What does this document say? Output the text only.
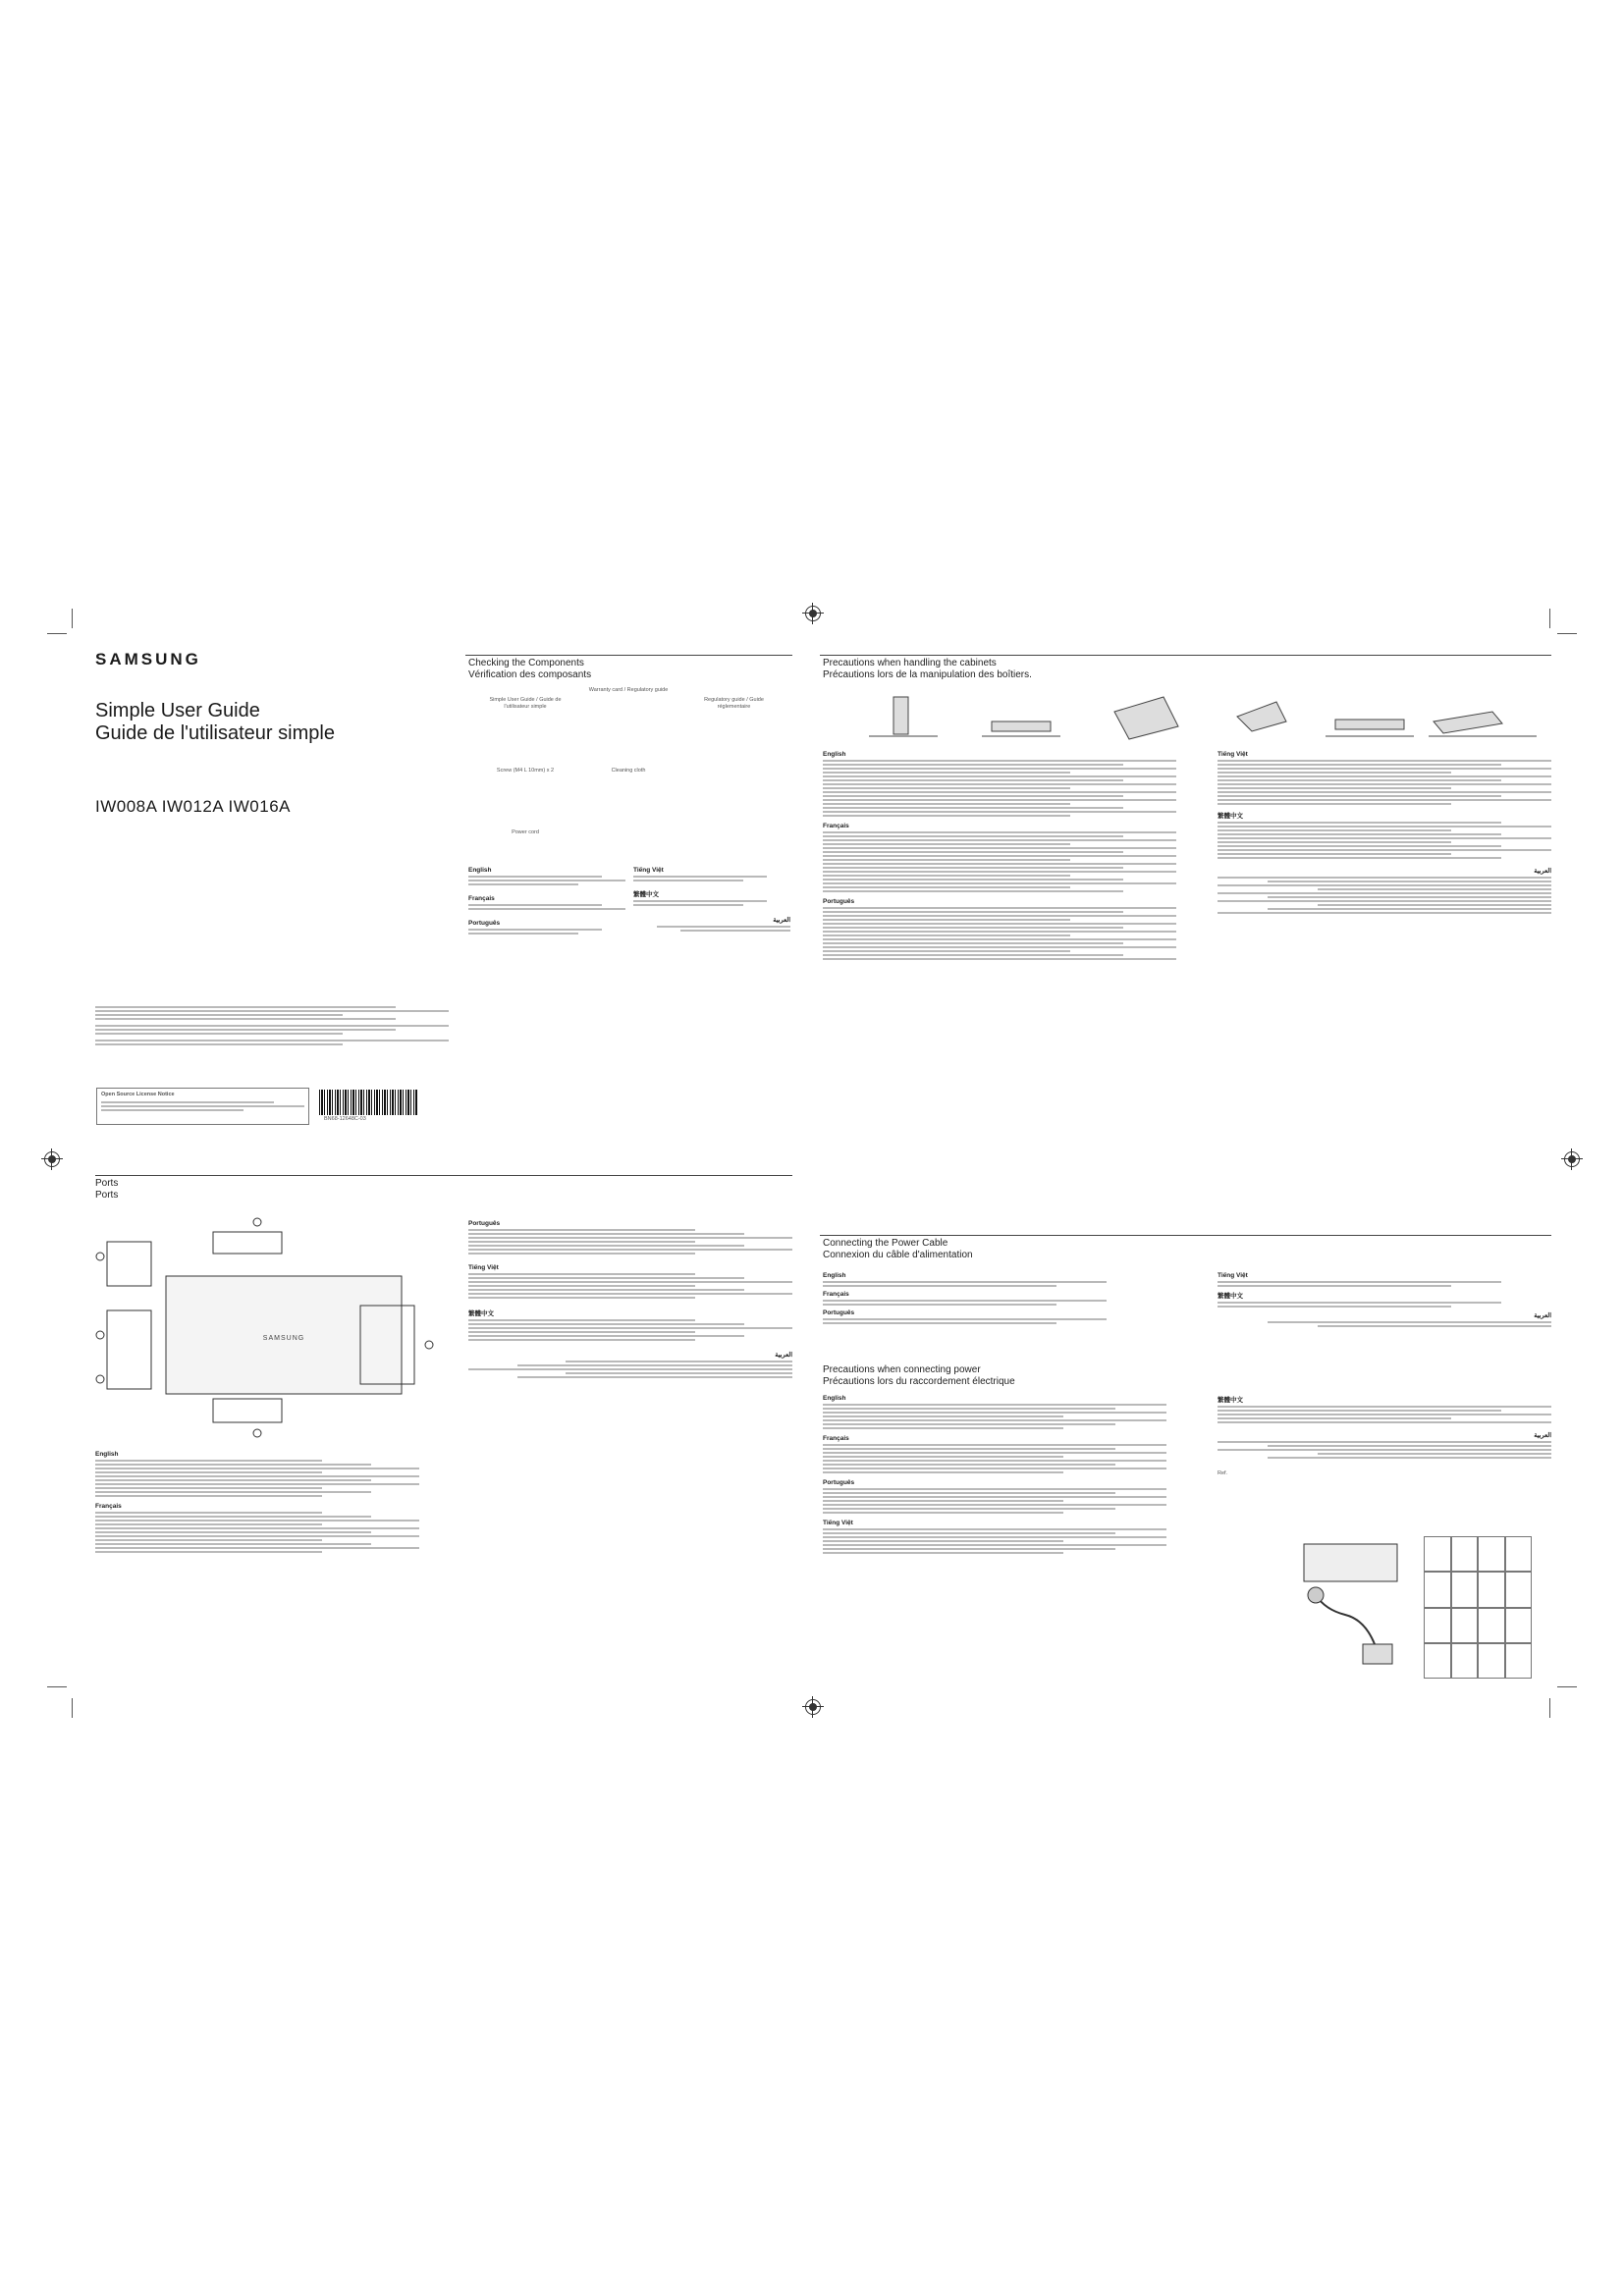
SAMSUNG
Simple User Guide
Guide de l'utilisateur simple
IW008A IW012A IW016A
Open Source License Notice
BN68-12648C-03
Checking the Components
Vérification des composants
Simple User Guide / Guide de l'utilisateur simple
Warranty card / Regulatory guide
Regulatory guide / Guide réglementaire
Screw (M4 L 10mm) x 2	Cleaning cloth
Power cord
English
Français
Português
Tiếng Việt
繁體中文
العربية
Precautions when handling the cabinets
Précautions lors de la manipulation des boîtiers.
English
Français
Português
Tiếng Việt
繁體中文
العربية
Ports
Ports
SAMSUNG
English
Français
Português
Tiếng Việt
繁體中文
العربية
Connecting the Power Cable
Connexion du câble d'alimentation
English
Français
Português
Tiếng Việt
繁體中文
العربية
Precautions when connecting power
Précautions lors du raccordement électrique
English
Français
Português
Tiếng Việt
繁體中文
العربية
Ref.
